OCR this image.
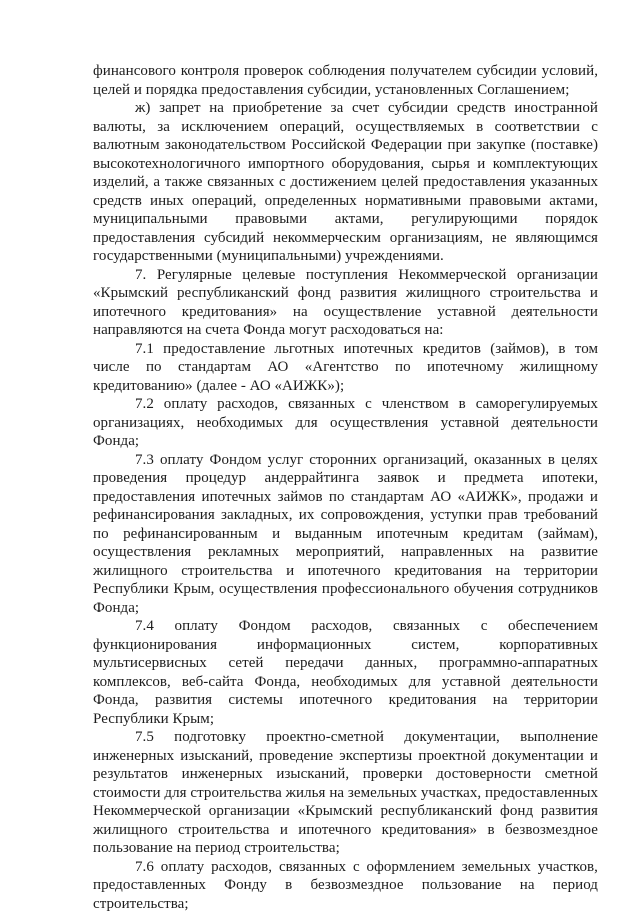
финансового контроля проверок соблюдения получателем субсидии условий, целей и порядка предоставления субсидии, установленных Соглашением;

ж) запрет на приобретение за счет субсидии средств иностранной валюты, за исключением операций, осуществляемых в соответствии с валютным законодательством Российской Федерации при закупке (поставке) высокотехнологичного импортного оборудования, сырья и комплектующих изделий, а также связанных с достижением целей предоставления указанных средств иных операций, определенных нормативными правовыми актами, муниципальными правовыми актами, регулирующими порядок предоставления субсидий некоммерческим организациям, не являющимся государственными (муниципальными) учреждениями.

7. Регулярные целевые поступления Некоммерческой организации «Крымский республиканский фонд развития жилищного строительства и ипотечного кредитования» на осуществление уставной деятельности направляются на счета Фонда могут расходоваться на:

7.1 предоставление льготных ипотечных кредитов (займов), в том числе по стандартам АО «Агентство по ипотечному жилищному кредитованию» (далее - АО «АИЖК»);

7.2 оплату расходов, связанных с членством в саморегулируемых организациях, необходимых для осуществления уставной деятельности Фонда;

7.3 оплату Фондом услуг сторонних организаций, оказанных в целях проведения процедур андеррайтинга заявок и предмета ипотеки, предоставления ипотечных займов по стандартам АО «АИЖК», продажи и рефинансирования закладных, их сопровождения, уступки прав требований по рефинансированным и выданным ипотечным кредитам (займам), осуществления рекламных мероприятий, направленных на развитие жилищного строительства и ипотечного кредитования на территории Республики Крым, осуществления профессионального обучения сотрудников Фонда;

7.4 оплату Фондом расходов, связанных с обеспечением функционирования информационных систем, корпоративных мультисервисных сетей передачи данных, программно-аппаратных комплексов, веб-сайта Фонда, необходимых для уставной деятельности Фонда, развития системы ипотечного кредитования на территории Республики Крым;

7.5 подготовку проектно-сметной документации, выполнение инженерных изысканий, проведение экспертизы проектной документации и результатов инженерных изысканий, проверки достоверности сметной стоимости для строительства жилья на земельных участках, предоставленных Некоммерческой организации «Крымский республиканский фонд развития жилищного строительства и ипотечного кредитования» в безвозмездное пользование на период строительства;

7.6 оплату расходов, связанных с оформлением земельных участков, предоставленных Фонду в безвозмездное пользование на период строительства;
